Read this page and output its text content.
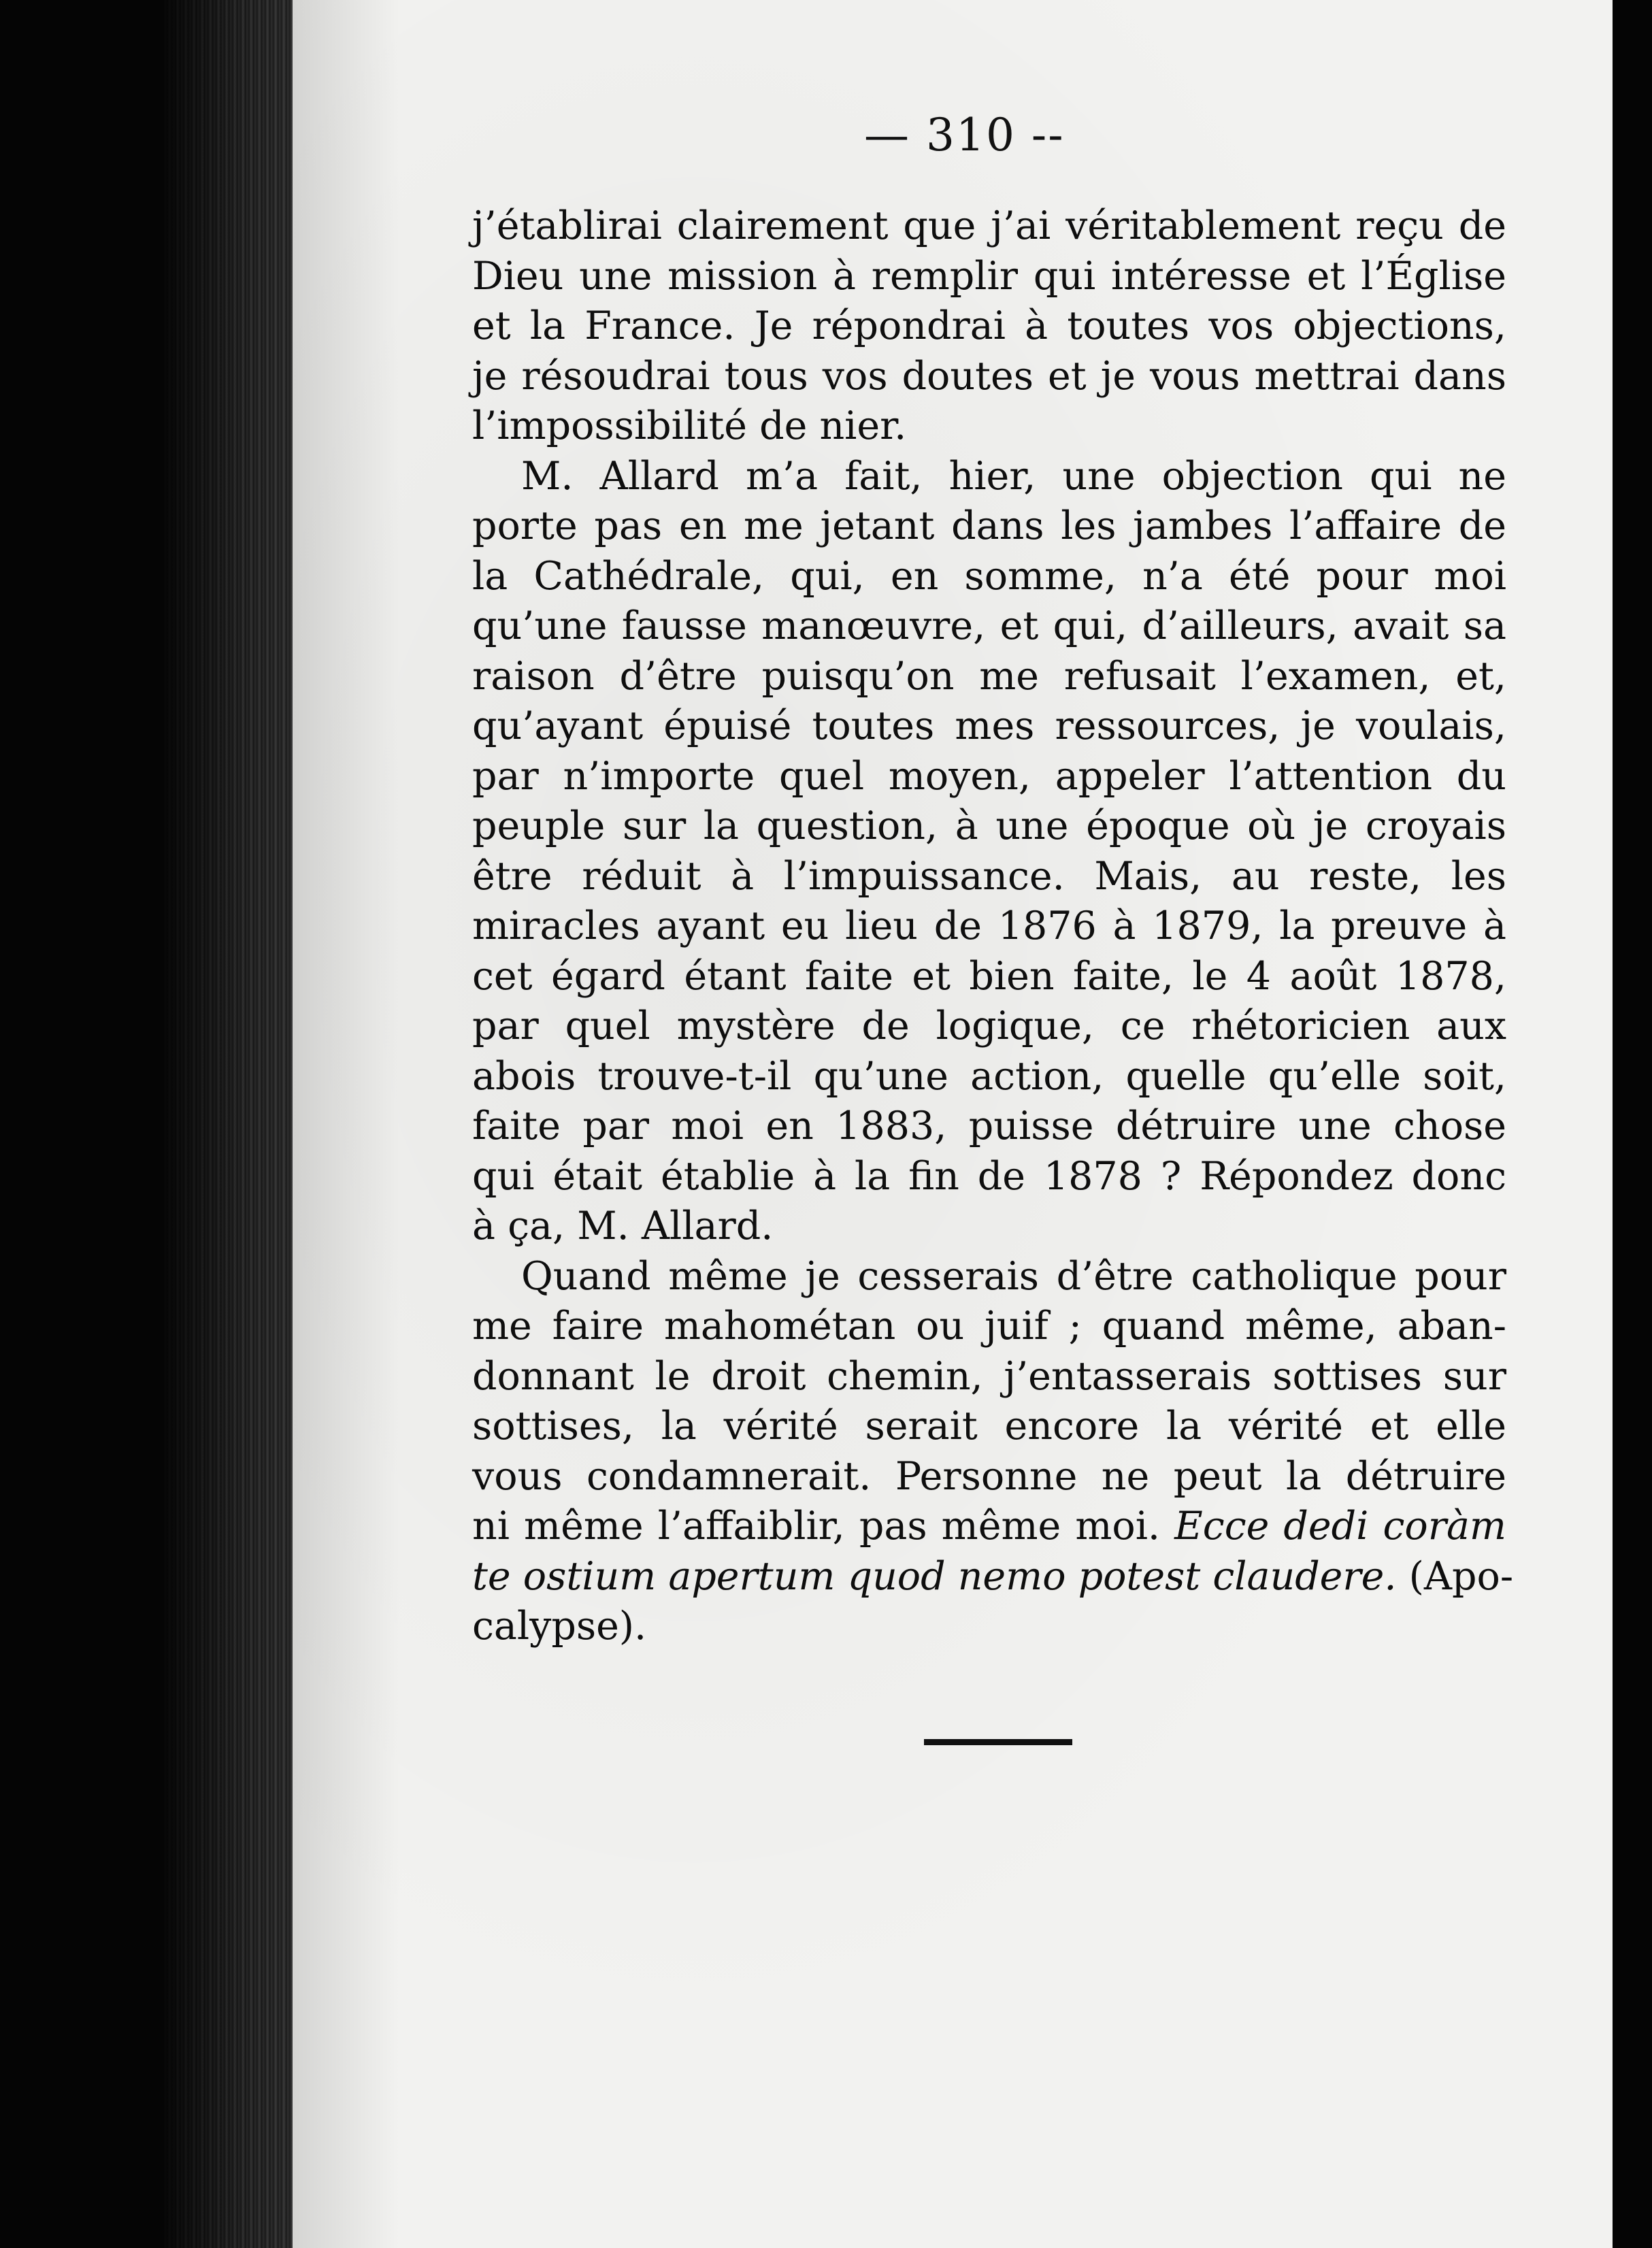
— 310 --
j’établirai clairement que j’ai véritablement reçu de
Dieu une mission à remplir qui intéresse et l’Église
et la France. Je répondrai à toutes vos objections,
je résoudrai tous vos doutes et je vous mettrai dans
l’impossibilité de nier.
M. Allard m’a fait, hier, une objection qui ne
porte pas en me jetant dans les jambes l’affaire de
la Cathédrale, qui, en somme, n’a été pour moi
qu’une fausse manœuvre, et qui, d’ailleurs, avait sa
raison d’être puisqu’on me refusait l’examen, et,
qu’ayant épuisé toutes mes ressources, je voulais,
par n’importe quel moyen, appeler l’attention du
peuple sur la question, à une époque où je croyais
être réduit à l’impuissance. Mais, au reste, les
miracles ayant eu lieu de 1876 à 1879, la preuve à
cet égard étant faite et bien faite, le 4 août 1878,
par quel mystère de logique, ce rhétoricien aux
abois trouve-t-il qu’une action, quelle qu’elle soit,
faite par moi en 1883, puisse détruire une chose
qui était établie à la fin de 1878 ? Répondez donc
à ça, M. Allard.
Quand même je cesserais d’être catholique pour
me faire mahométan ou juif ; quand même, aban-
donnant le droit chemin, j’entasserais sottises sur
sottises, la vérité serait encore la vérité et elle
vous condamnerait. Personne ne peut la détruire
ni même l’affaiblir, pas même moi. Ecce dedi coràm
te ostium apertum quod nemo potest claudere. (Apo-
calypse).
